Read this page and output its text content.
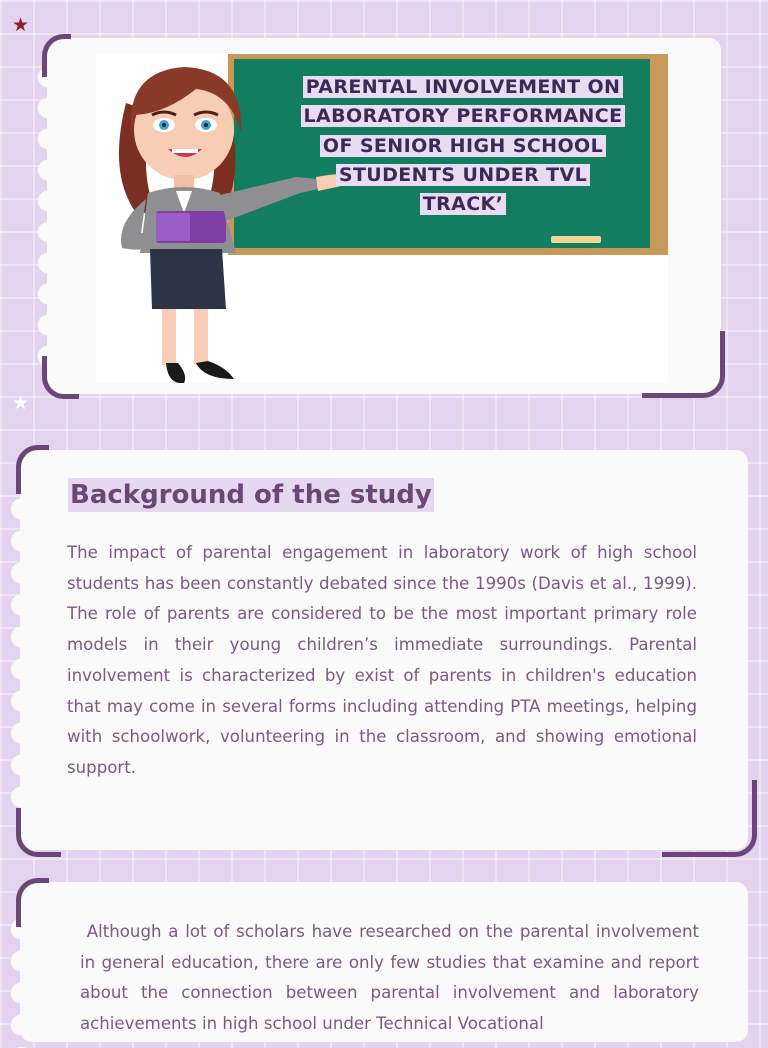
★
★
PARENTAL INVOLVEMENT ON
LABORATORY PERFORMANCE
OF SENIOR HIGH SCHOOL
STUDENTS UNDER TVL
TRACK’
Background of the study

The impact of parental engagement in laboratory work of high school students has been constantly debated since the 1990s (Davis et al., 1999). The role of parents are considered to be the most important primary role models in their young children’s immediate surroundings. Parental involvement is characterized by exist of parents in children's education that may come in several forms including attending PTA meetings, helping with schoolwork, volunteering in the classroom, and showing emotional support.

Although a lot of scholars have researched on the parental involvement in general education, there are only few studies that examine and report about the connection between parental involvement and laboratory achievements in high school under Technical Vocational
